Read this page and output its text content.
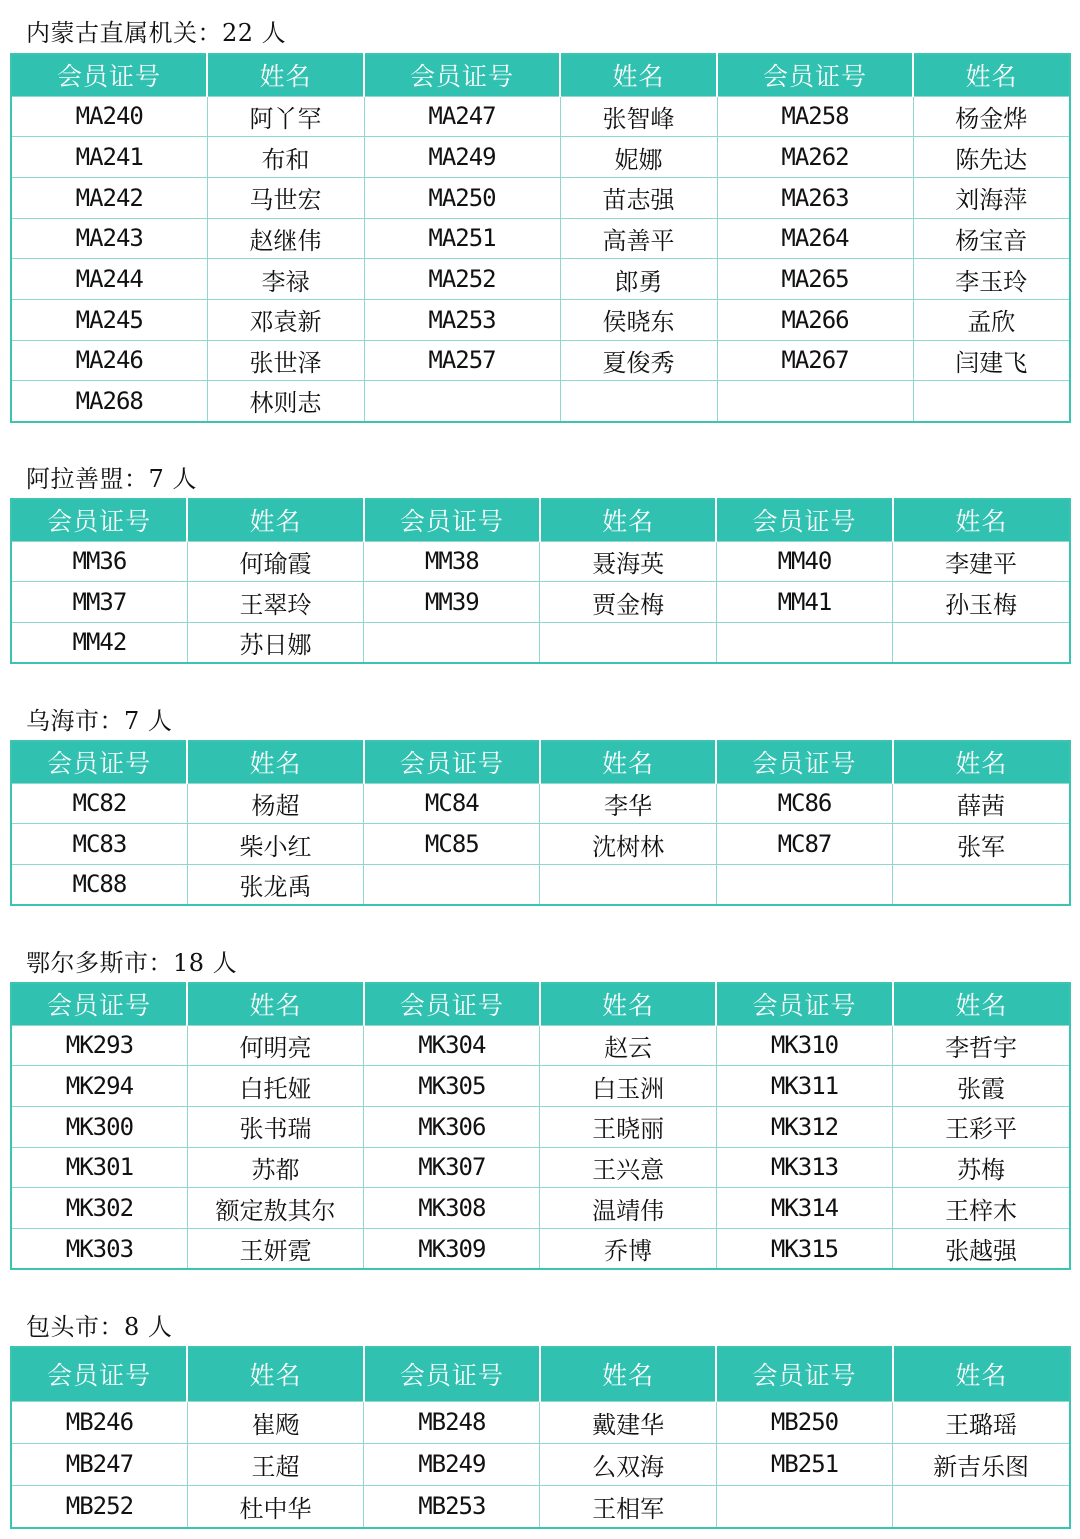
内蒙古直属机关：22 人
会员证号	姓名	会员证号	姓名	会员证号	姓名
MA240	阿丫罕	MA247	张智峰	MA258	杨金烨
MA241	布和	MA249	妮娜	MA262	陈先达
MA242	马世宏	MA250	苗志强	MA263	刘海萍
MA243	赵继伟	MA251	高善平	MA264	杨宝音
MA244	李禄	MA252	郎勇	MA265	李玉玲
MA245	邓袁新	MA253	侯晓东	MA266	孟欣
MA246	张世泽	MA257	夏俊秀	MA267	闫建飞
MA268	林则志				
阿拉善盟：7 人
会员证号	姓名	会员证号	姓名	会员证号	姓名
MM36	何瑜霞	MM38	聂海英	MM40	李建平
MM37	王翠玲	MM39	贾金梅	MM41	孙玉梅
MM42	苏日娜				
乌海市：7 人
会员证号	姓名	会员证号	姓名	会员证号	姓名
MC82	杨超	MC84	李华	MC86	薛茜
MC83	柴小红	MC85	沈树林	MC87	张军
MC88	张龙禹				
鄂尔多斯市：18 人
会员证号	姓名	会员证号	姓名	会员证号	姓名
MK293	何明亮	MK304	赵云	MK310	李哲宇
MK294	白托娅	MK305	白玉洲	MK311	张霞
MK300	张书瑞	MK306	王晓丽	MK312	王彩平
MK301	苏都	MK307	王兴意	MK313	苏梅
MK302	额定敖其尔	MK308	温靖伟	MK314	王梓木
MK303	王妍霓	MK309	乔博	MK315	张越强
包头市：8 人
会员证号	姓名	会员证号	姓名	会员证号	姓名
MB246	崔飏	MB248	戴建华	MB250	王璐瑶
MB247	王超	MB249	么双海	MB251	新吉乐图
MB252	杜中华	MB253	王相军		
